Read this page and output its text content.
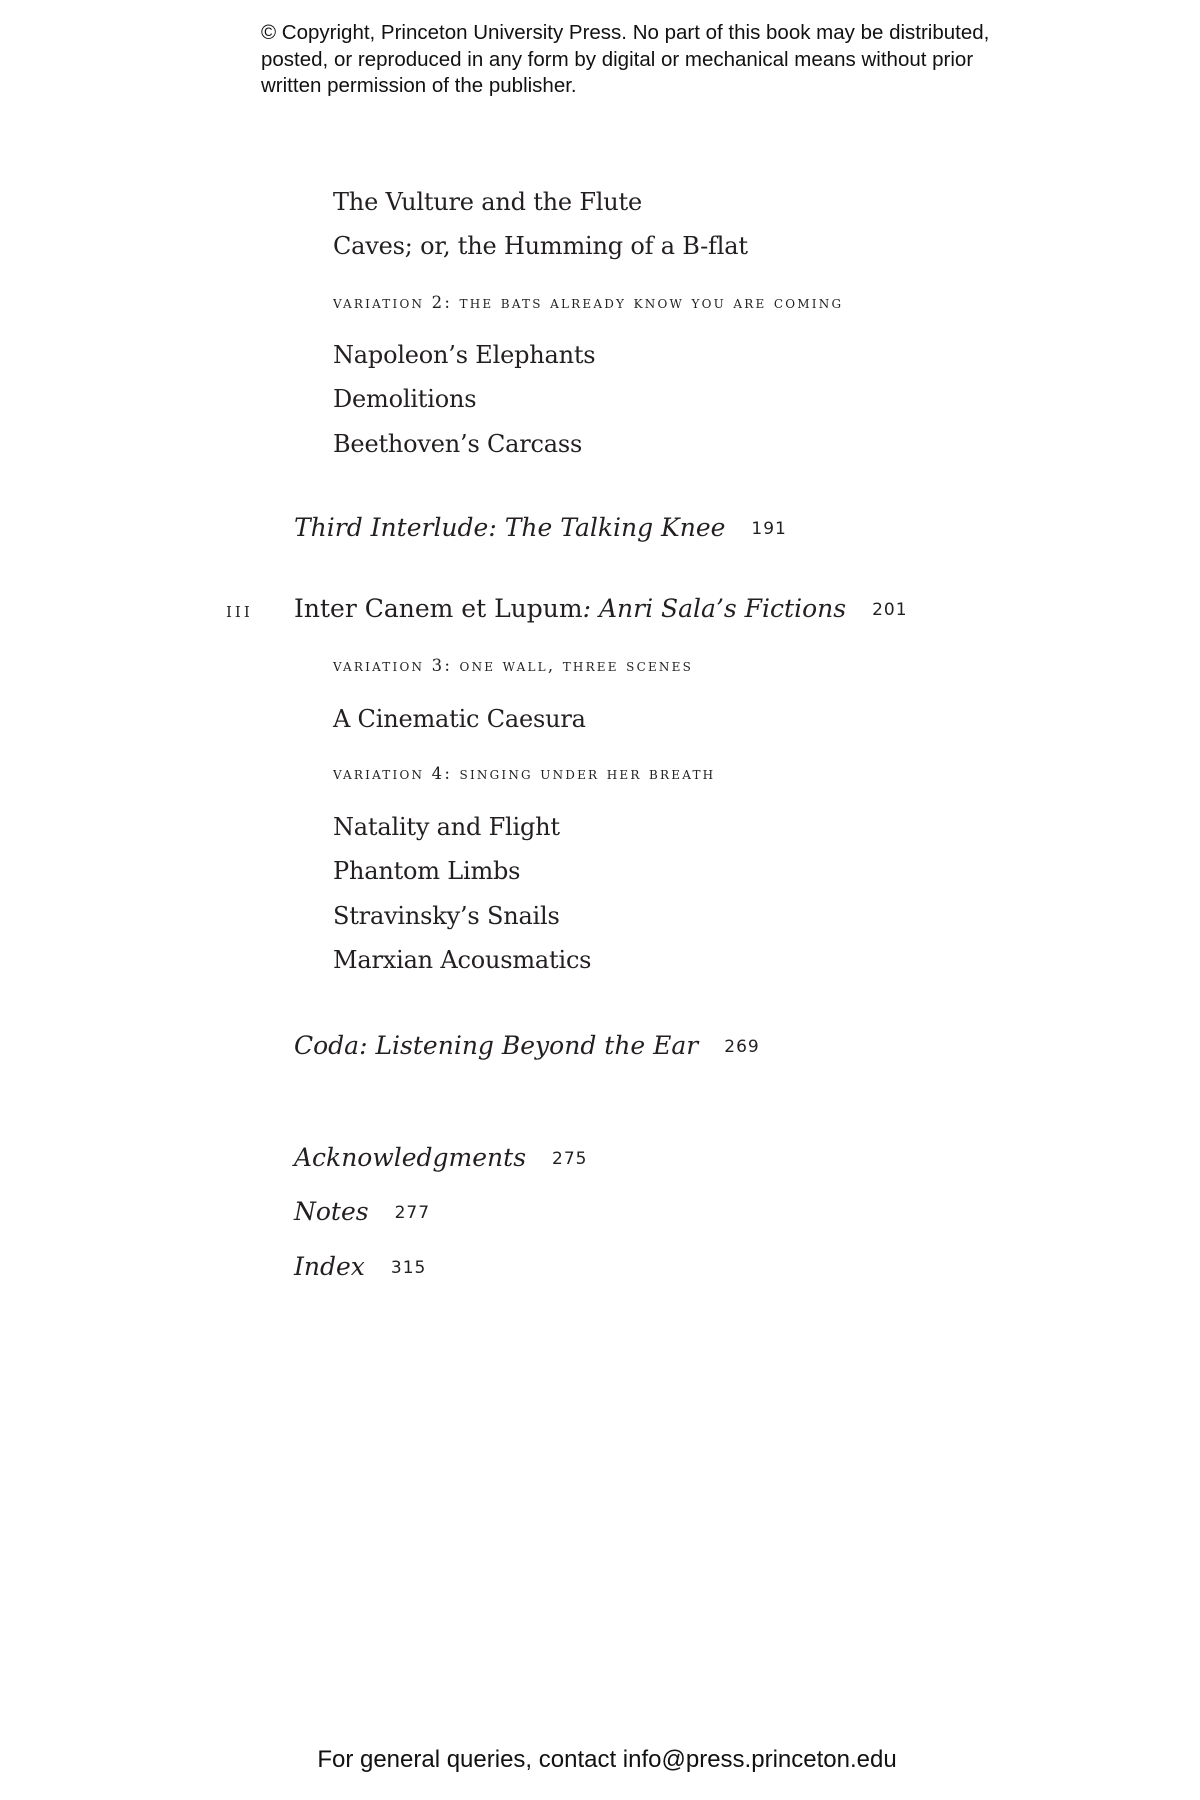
© Copyright, Princeton University Press. No part of this book may be distributed, posted, or reproduced in any form by digital or mechanical means without prior written permission of the publisher.
The Vulture and the Flute
Caves; or, the Humming of a B-flat
variation 2: the bats already know you are coming
Napoleon’s Elephants
Demolitions
Beethoven’s Carcass
Third Interlude: The Talking Knee 191
iii Inter Canem et Lupum: Anri Sala’s Fictions 201
variation 3: one wall, three scenes
A Cinematic Caesura
variation 4: singing under her breath
Natality and Flight
Phantom Limbs
Stravinsky’s Snails
Marxian Acousmatics
Coda: Listening Beyond the Ear 269
Acknowledgments 275
Notes 277
Index 315
For general queries, contact info@press.princeton.edu
